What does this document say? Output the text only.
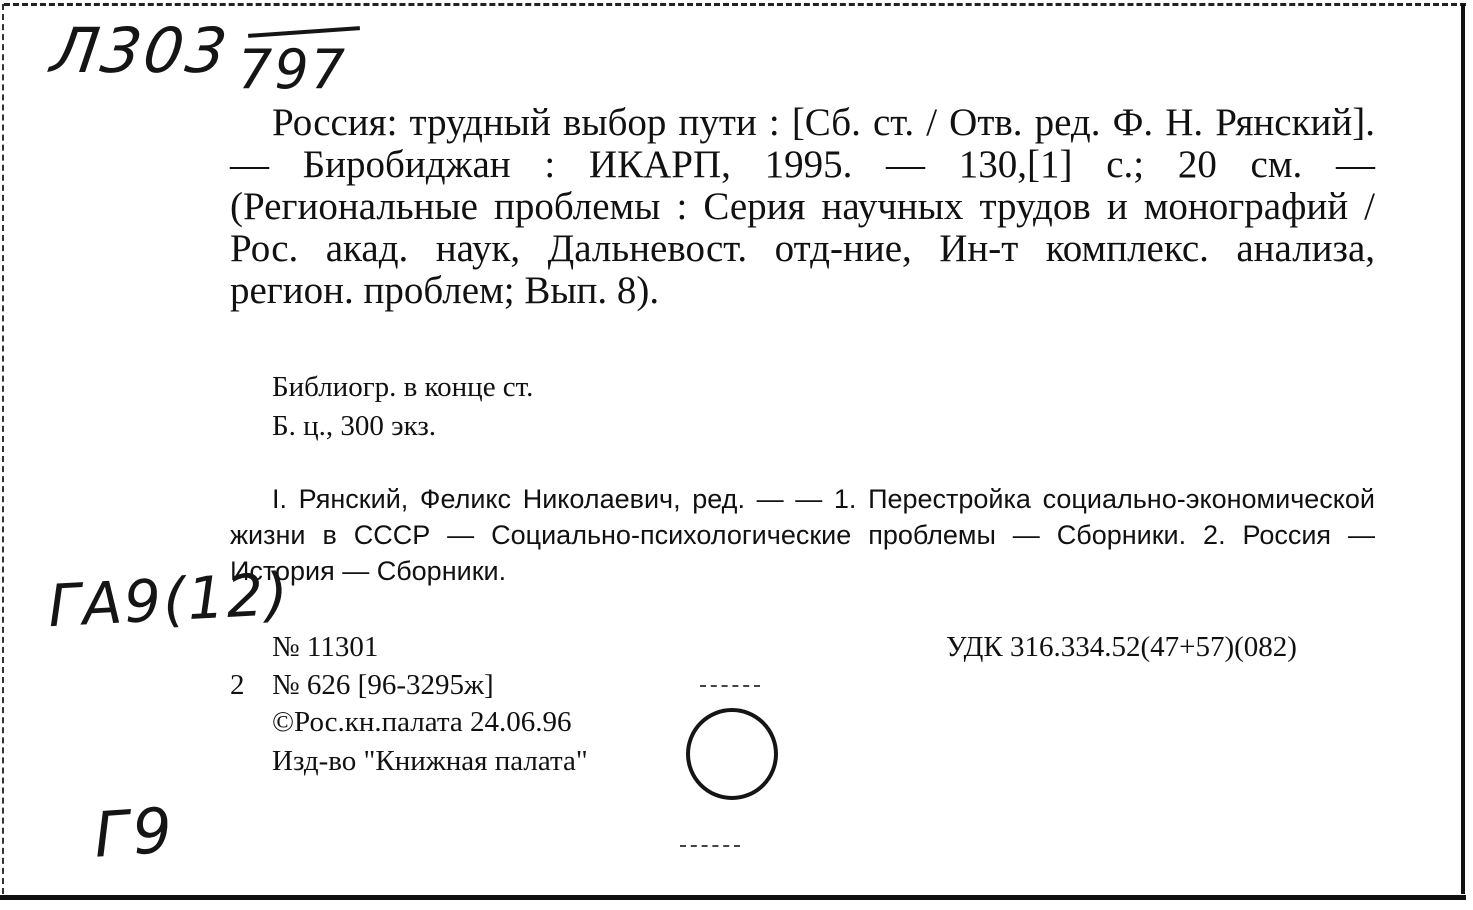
Л303 797
Россия: трудный выбор пути : [Сб. ст. / Отв. ред. Ф. Н. Рянский]. — Биробиджан : ИКАРП, 1995. — 130,[1] с.; 20 см. — (Региональные проблемы : Серия научных трудов и монографий / Рос. акад. наук, Дальневост. отд-ние, Ин-т комплекс. анализа, регион. проблем; Вып. 8).
Библиогр. в конце ст.
Б. ц., 300 экз.
I. Рянский, Феликс Николаевич, ред. — — 1. Перестройка социально-экономической жизни в СССР — Социально-психологические проблемы — Сборники. 2. Россия — История — Сборники.
ГА9(12)
№ 11301	УДК 316.334.52(47+57)(082)
2 № 626 [96-3295ж]
©Рос.кн.палата 24.06.96
Изд-во "Книжная палата"
Г9
